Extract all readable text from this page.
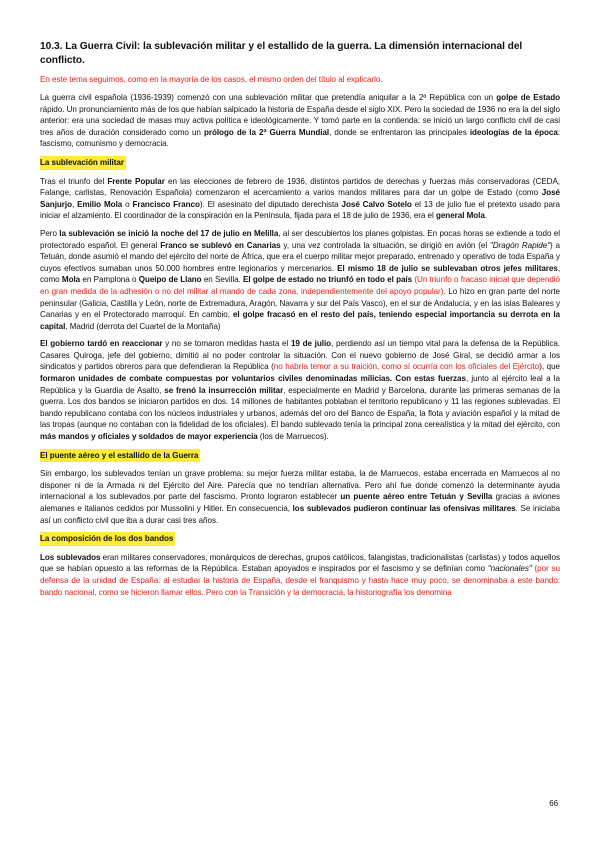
10.3. La Guerra Civil: la sublevación militar y el estallido de la guerra. La dimensión internacional del conflicto.

En este tema seguimos, como en la mayoría de los casos, el mismo orden del título al explicarlo.

La guerra civil española (1936-1939) comenzó con una sublevación militar que pretendía aniquilar a la 2ª República con un golpe de Estado rápido. Un pronunciamiento más de los que habían salpicado la historia de España desde el siglo XIX. Pero la sociedad de 1936 no era la del siglo anterior: era una sociedad de masas muy activa política e ideológicamente. Y tomó parte en la contienda: se inició un largo conflicto civil de casi tres años de duración considerado como un prólogo de la 2ª Guerra Mundial, donde se enfrentaron las principales ideologías de la época: fascismo, comunismo y democracia.

La sublevación militar

Tras el triunfo del Frente Popular en las elecciones de febrero de 1936, distintos partidos de derechas y fuerzas más conservadoras (CEDA, Falange, carlistas, Renovación Española) comenzaron el acercamiento a varios mandos militares para dar un golpe de Estado (como José Sanjurjo, Emilio Mola o Francisco Franco). El asesinato del diputado derechista José Calvo Sotelo el 13 de julio fue el pretexto usado para iniciar el alzamiento. El coordinador de la conspiración en la Península, fijada para el 18 de julio de 1936, era el general Mola.

Pero la sublevación se inició la noche del 17 de julio en Melilla, al ser descubiertos los planes golpistas. En pocas horas se extiende a todo el protectorado español. El general Franco se sublevó en Canarias y, una vez controlada la situación, se dirigió en avión (el "Dragón Rapide") a Tetuán, donde asumió el mando del ejército del norte de África, que era el cuerpo militar mejor preparado, entrenado y operativo de toda España y cuyos efectivos sumaban unos 50.000 hombres entre legionarios y mercenarios. El mismo 18 de julio se sublevaban otros jefes militares, como Mola en Pamplona o Queipo de Llano en Sevilla. El golpe de estado no triunfó en todo el país (Un triunfo o fracaso inicial que dependió en gran medida de la adhesión o no del militar al mando de cada zona, independientemente del apoyo popular). Lo hizo en gran parte del norte peninsular (Galicia, Castilla y León, norte de Extremadura, Aragón, Navarra y sur del País Vasco), en el sur de Andalucía, y en las islas Baleares y Canarias y en el Protectorado marroquí. En cambio, el golpe fracasó en el resto del país, teniendo especial importancia su derrota en la capital, Madrid (derrota del Cuartel de la Montaña)

El gobierno tardó en reaccionar y no se tomaron medidas hasta el 19 de julio, perdiendo así un tiempo vital para la defensa de la República. Casares Quiroga, jefe del gobierno, dimitió al no poder controlar la situación. Con el nuevo gobierno de José Giral, se decidió armar a los sindicatos y partidos obreros para que defendieran la República (no habría temor a su traición, como sí ocurría con los oficiales del Ejército), que formaron unidades de combate compuestas por voluntarios civiles denominadas milicias. Con estas fuerzas, junto al ejército leal a la República y la Guardia de Asalto, se frenó la insurrección militar, especialmente en Madrid y Barcelona, durante las primeras semanas de la guerra. Los dos bandos se iniciaron partidos en dos. 14 millones de habitantes poblaban el territorio republicano y 11 las regiones sublevadas. El bando republicano contaba con los núcleos industriales y urbanos, además del oro del Banco de España, la flota y aviación español y la mitad de las tropas (aunque no contaban con la fidelidad de los oficiales). El bando sublevado tenía la principal zona cerealística y la mitad del ejército, con más mandos y oficiales y soldados de mayor experiencia (los de Marruecos).

El puente aéreo y el estallido de la Guerra

Sin embargo, los sublevados tenían un grave problema: su mejor fuerza militar estaba, la de Marruecos, estaba encerrada en Marruecos al no disponer ni de la Armada ni del Ejército del Aire. Parecía que no tendrían alternativa. Pero ahí fue donde comenzó la determinante ayuda internacional a los sublevados por parte del fascismo. Pronto lograron establecer un puente aéreo entre Tetuán y Sevilla gracias a aviones alemanes e italianos cedidos por Mussolini y Hitler. En consecuencia, los sublevados pudieron continuar las ofensivas militares. Se iniciaba así un conflicto civil que iba a durar casi tres años.

La composición de los dos bandos

Los sublevados eran militares conservadores, monárquicos de derechas, grupos católicos, falangistas, tradicionalistas (carlistas) y todos aquellos que se habían opuesto a las reformas de la República. Estaban apoyados e inspirados por el fascismo y se definían como "nacionales" (por su defensa de la unidad de España: al estudiar la historia de España, desde el franquismo y hasta hace muy poco, se denominaba a este bando: bando nacional, como se hicieron llamar ellos. Pero con la Transición y la democracia, la historiografía los denomina

66
